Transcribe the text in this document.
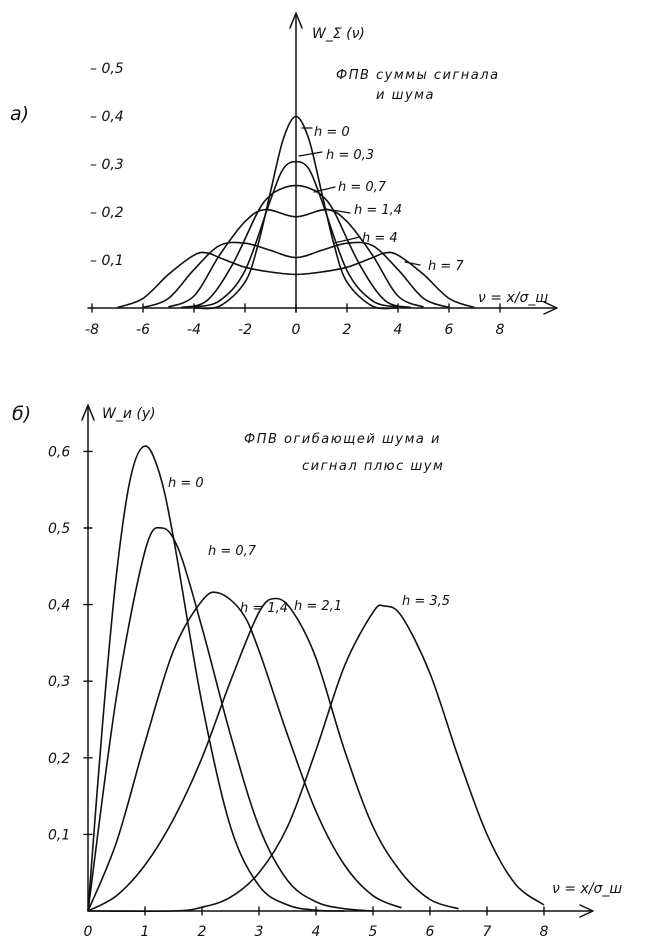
а)
-8	-6	-4	-2	0	2	4	6	8
– 0,1
– 0,2
– 0,3
– 0,4
– 0,5
h = 0
h = 0,3
h = 0,7
h = 1,4
h = 4
h = 7
W_Σ (ν)
ν = x/σ_ш
ФПВ суммы сигнала
и шума
б)
0	1	2	3	4	5	6	7	8
0,1
0,2
0,3
0,4
0,5
0,6
h = 0
h = 0,7
h = 1,4 h = 2,1	h = 3,5
W_и (y)
ν = x/σ_ш
ФПВ огибающей шума и
сигнал плюс шум
